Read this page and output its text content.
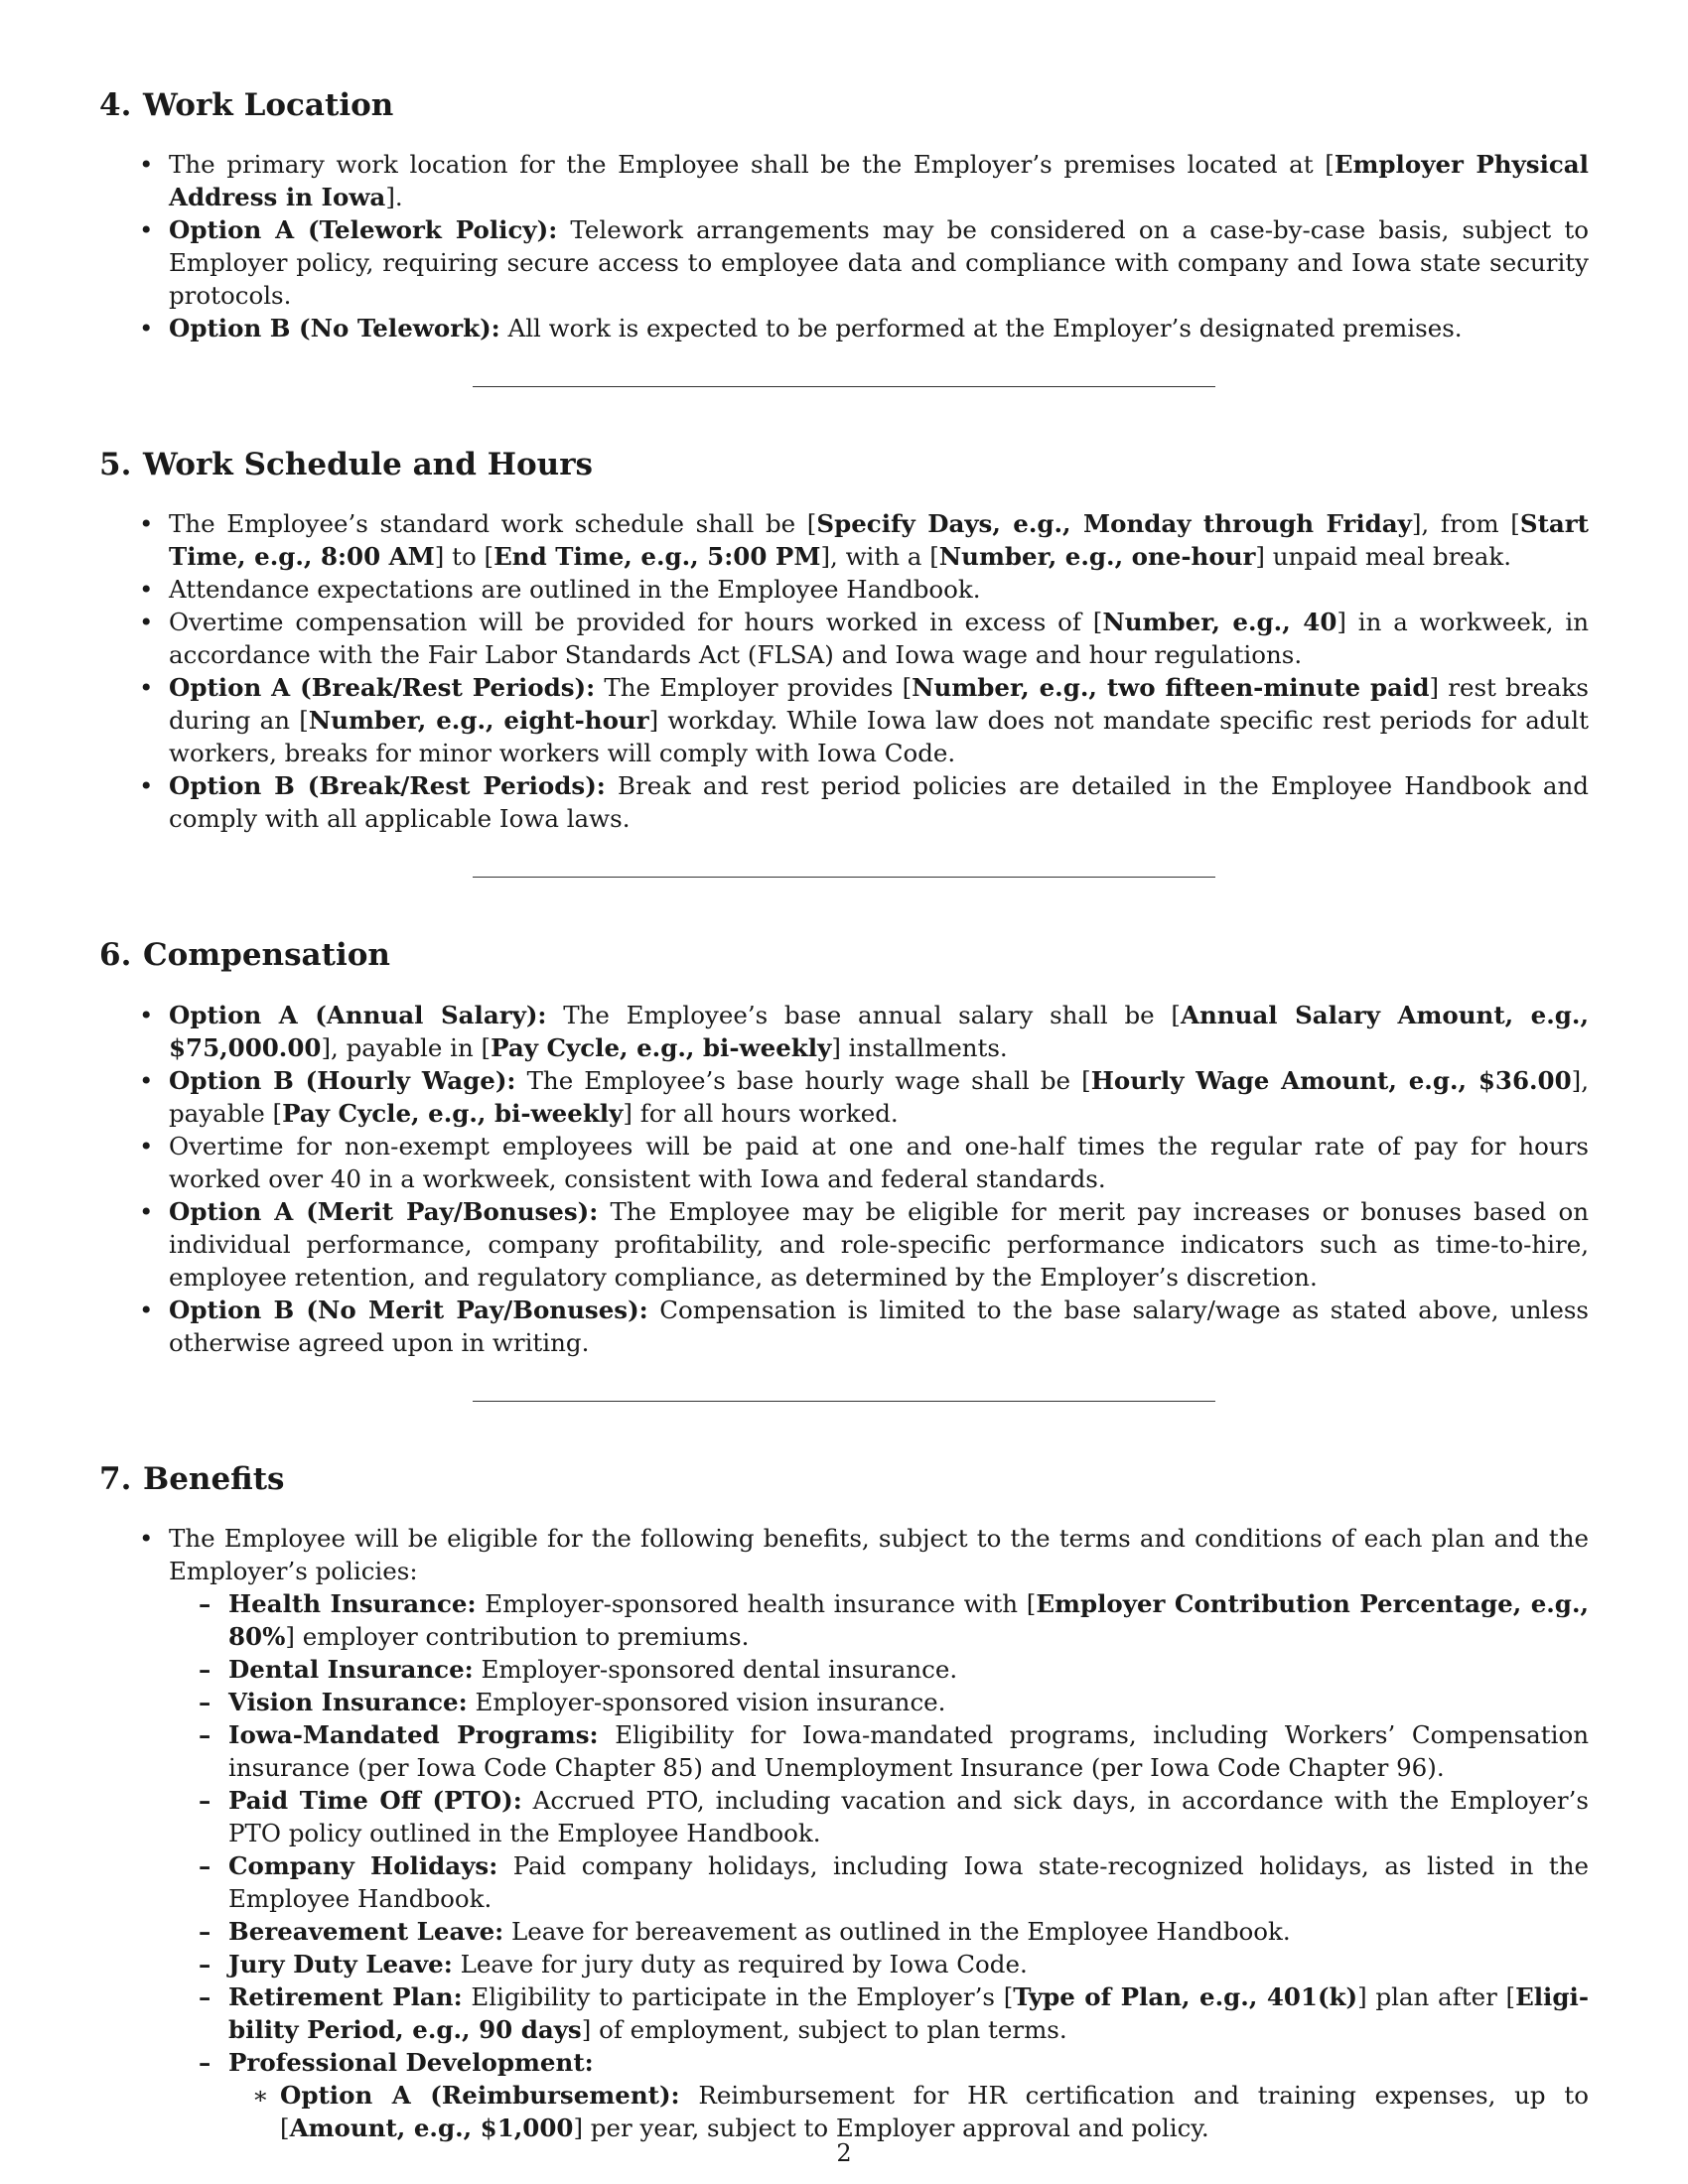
4. Work Location
• The primary work location for the Employee shall be the Employer’s premises located at [Employer Physical Address in Iowa].
• Option A (Telework Policy): Telework arrangements may be considered on a case-by-case basis, subject to Employer policy, requiring secure access to employee data and compliance with company and Iowa state security protocols.
• Option B (No Telework): All work is expected to be performed at the Employer’s designated premises.
5. Work Schedule and Hours
• The Employee’s standard work schedule shall be [Specify Days, e.g., Monday through Friday], from [Start Time, e.g., 8:00 AM] to [End Time, e.g., 5:00 PM], with a [Number, e.g., one-hour] unpaid meal break.
• Attendance expectations are outlined in the Employee Handbook.
• Overtime compensation will be provided for hours worked in excess of [Number, e.g., 40] in a workweek, in accordance with the Fair Labor Standards Act (FLSA) and Iowa wage and hour regulations.
• Option A (Break/Rest Periods): The Employer provides [Number, e.g., two fifteen-minute paid] rest breaks during an [Number, e.g., eight-hour] workday. While Iowa law does not mandate specific rest periods for adult workers, breaks for minor workers will comply with Iowa Code.
• Option B (Break/Rest Periods): Break and rest period policies are detailed in the Employee Handbook and comply with all applicable Iowa laws.
6. Compensation
• Option A (Annual Salary): The Employee’s base annual salary shall be [Annual Salary Amount, e.g., $75,000.00], payable in [Pay Cycle, e.g., bi-weekly] installments.
• Option B (Hourly Wage): The Employee’s base hourly wage shall be [Hourly Wage Amount, e.g., $36.00], payable [Pay Cycle, e.g., bi-weekly] for all hours worked.
• Overtime for non-exempt employees will be paid at one and one-half times the regular rate of pay for hours worked over 40 in a workweek, consistent with Iowa and federal standards.
• Option A (Merit Pay/Bonuses): The Employee may be eligible for merit pay increases or bonuses based on individual performance, company profitability, and role-specific performance indicators such as time-to-hire, employee retention, and regulatory compliance, as determined by the Employer’s discretion.
• Option B (No Merit Pay/Bonuses): Compensation is limited to the base salary/wage as stated above, unless otherwise agreed upon in writing.
7. Benefits
• The Employee will be eligible for the following benefits, subject to the terms and conditions of each plan and the Employer’s policies:
– Health Insurance: Employer-sponsored health insurance with [Employer Contribution Percentage, e.g., 80%] employer contribution to premiums.
– Dental Insurance: Employer-sponsored dental insurance.
– Vision Insurance: Employer-sponsored vision insurance.
– Iowa-Mandated Programs: Eligibility for Iowa-mandated programs, including Workers’ Compensation insurance (per Iowa Code Chapter 85) and Unemployment Insurance (per Iowa Code Chapter 96).
– Paid Time Off (PTO): Accrued PTO, including vacation and sick days, in accordance with the Employer’s PTO policy outlined in the Employee Handbook.
– Company Holidays: Paid company holidays, including Iowa state-recognized holidays, as listed in the Employee Handbook.
– Bereavement Leave: Leave for bereavement as outlined in the Employee Handbook.
– Jury Duty Leave: Leave for jury duty as required by Iowa Code.
– Retirement Plan: Eligibility to participate in the Employer’s [Type of Plan, e.g., 401(k)] plan after [Eligibility Period, e.g., 90 days] of employment, subject to plan terms.
– Professional Development:
∗ Option A (Reimbursement): Reimbursement for HR certification and training expenses, up to [Amount, e.g., $1,000] per year, subject to Employer approval and policy.
2
